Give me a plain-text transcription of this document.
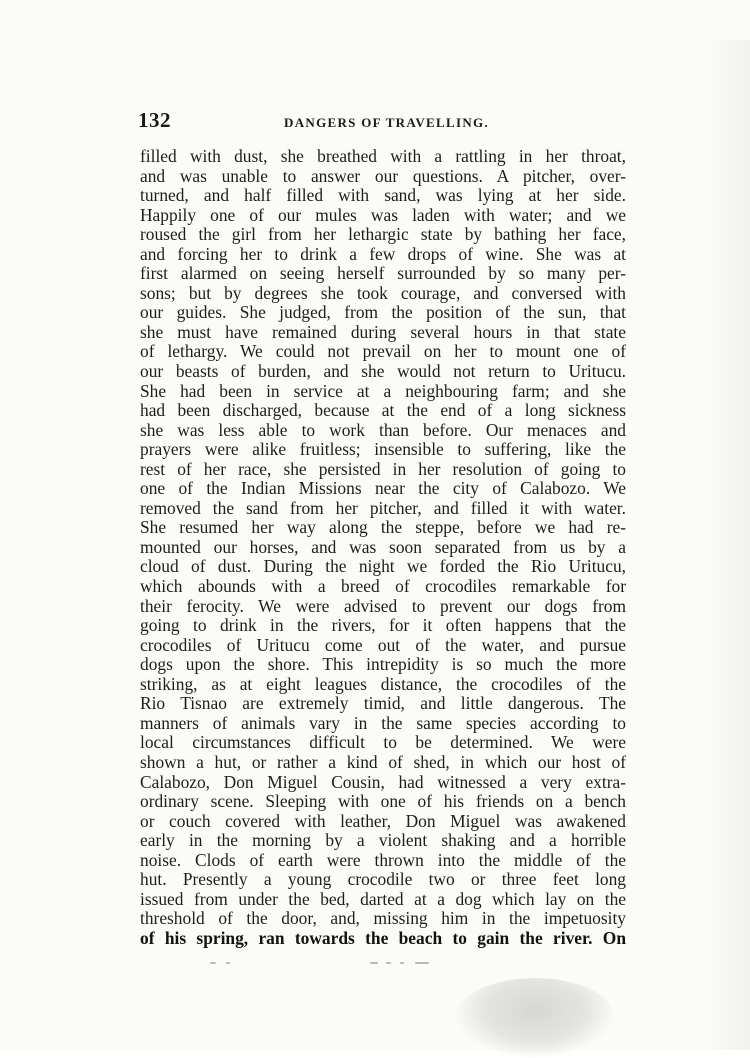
132	DANGERS OF TRAVELLING.
filled with dust, she breathed with a rattling in her throat,
and was unable to answer our questions. A pitcher, over-
turned, and half filled with sand, was lying at her side.
Happily one of our mules was laden with water; and we
roused the girl from her lethargic state by bathing her face,
and forcing her to drink a few drops of wine. She was at
first alarmed on seeing herself surrounded by so many per-
sons; but by degrees she took courage, and conversed with
our guides. She judged, from the position of the sun, that
she must have remained during several hours in that state
of lethargy. We could not prevail on her to mount one of
our beasts of burden, and she would not return to Uritucu.
She had been in service at a neighbouring farm; and she
had been discharged, because at the end of a long sickness
she was less able to work than before. Our menaces and
prayers were alike fruitless; insensible to suffering, like the
rest of her race, she persisted in her resolution of going to
one of the Indian Missions near the city of Calabozo. We
removed the sand from her pitcher, and filled it with water.
She resumed her way along the steppe, before we had re-
mounted our horses, and was soon separated from us by a
cloud of dust. During the night we forded the Rio Uritucu,
which abounds with a breed of crocodiles remarkable for
their ferocity. We were advised to prevent our dogs from
going to drink in the rivers, for it often happens that the
crocodiles of Uritucu come out of the water, and pursue
dogs upon the shore. This intrepidity is so much the more
striking, as at eight leagues distance, the crocodiles of the
Rio Tisnao are extremely timid, and little dangerous. The
manners of animals vary in the same species according to
local circumstances difficult to be determined. We were
shown a hut, or rather a kind of shed, in which our host of
Calabozo, Don Miguel Cousin, had witnessed a very extra-
ordinary scene. Sleeping with one of his friends on a bench
or couch covered with leather, Don Miguel was awakened
early in the morning by a violent shaking and a horrible
noise. Clods of earth were thrown into the middle of the
hut. Presently a young crocodile two or three feet long
issued from under the bed, darted at a dog which lay on the
threshold of the door, and, missing him in the impetuosity
of his spring, ran towards the beach to gain the river. On
